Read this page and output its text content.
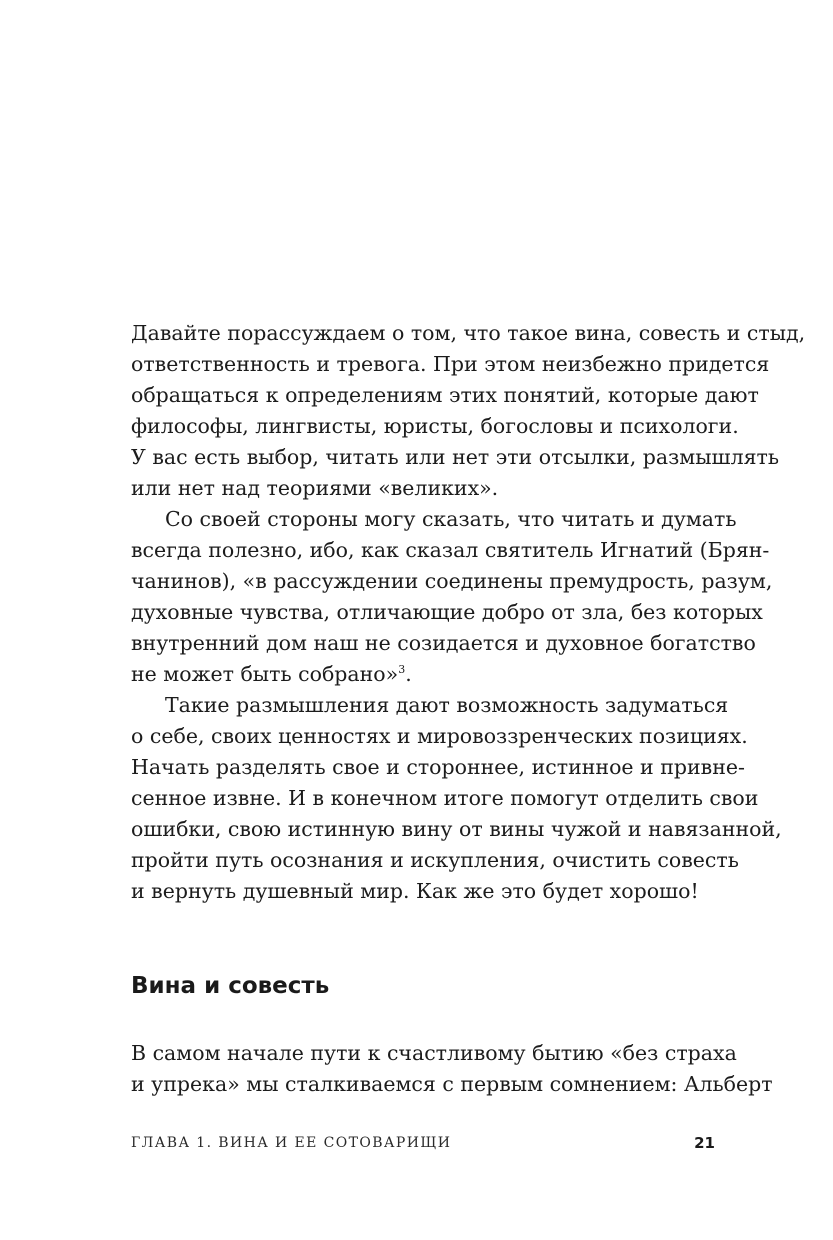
Давайте порассуждаем о том, что такое вина, совесть и стыд,
ответственность и тревога. При этом неизбежно придется
обращаться к определениям этих понятий, которые дают
философы, лингвисты, юристы, богословы и психологи.
У вас есть выбор, читать или нет эти отсылки, размышлять
или нет над теориями «великих».

Со своей стороны могу сказать, что читать и думать
всегда полезно, ибо, как сказал святитель Игнатий (Брян-
чанинов), «в рассуждении соединены премудрость, разум,
духовные чувства, отличающие добро от зла, без которых
внутренний дом наш не созидается и духовное богатство
не может быть собрано»$^3$.

Такие размышления дают возможность задуматься
о себе, своих ценностях и мировоззренческих позициях.
Начать разделять свое и стороннее, истинное и привне-
сенное извне. И в конечном итоге помогут отделить свои
ошибки, свою истинную вину от вины чужой и навязанной,
пройти путь осознания и искупления, очистить совесть
и вернуть душевный мир. Как же это будет хорошо!

Вина и совесть

В самом начале пути к счастливому бытию «без страха
и упрека» мы сталкиваемся с первым сомнением: Альберт

ГЛАВА 1. ВИНА И ЕЕ СОТОВАРИЩИ	21
